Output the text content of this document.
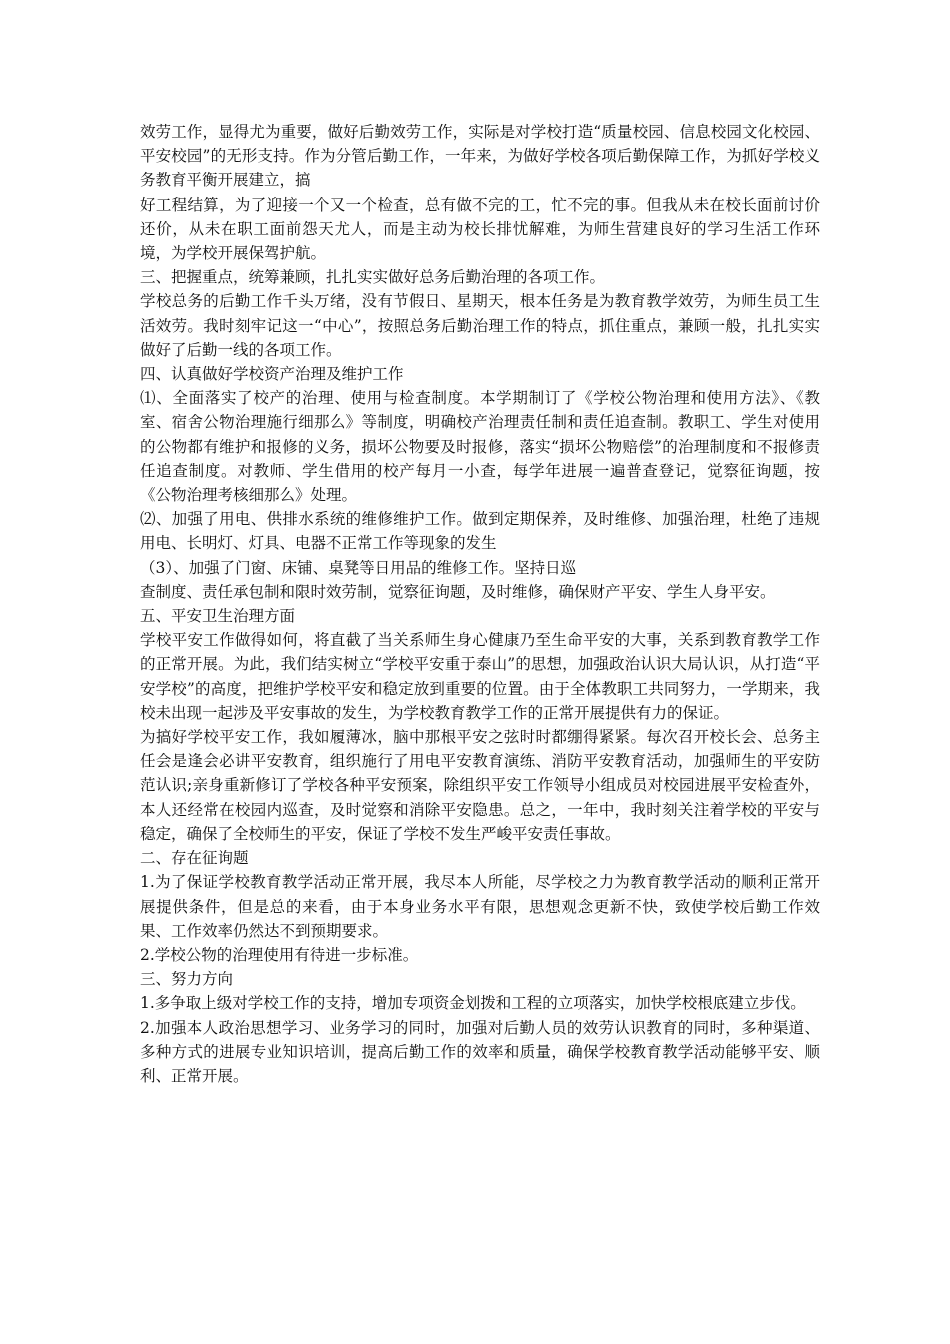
效劳工作，显得尤为重要，做好后勤效劳工作，实际是对学校打造“质量校园、信息校园文化校园、平安校园”的无形支持。作为分管后勤工作，一年来，为做好学校各项后勤保障工作，为抓好学校义务教育平衡开展建立，搞

好工程结算，为了迎接一个又一个检查，总有做不完的工，忙不完的事。但我从未在校长面前讨价还价，从未在职工面前怨天尤人，而是主动为校长排忧解难，为师生营建良好的学习生活工作环境，为学校开展保驾护航。

三、把握重点，统筹兼顾，扎扎实实做好总务后勤治理的各项工作。

学校总务的后勤工作千头万绪，没有节假日、星期天，根本任务是为教育教学效劳，为师生员工生活效劳。我时刻牢记这一“中心”，按照总务后勤治理工作的特点，抓住重点，兼顾一般，扎扎实实做好了后勤一线的各项工作。

四、认真做好学校资产治理及维护工作

⑴、全面落实了校产的治理、使用与检查制度。本学期制订了《学校公物治理和使用方法》、《教室、宿舍公物治理施行细那么》等制度，明确校产治理责任制和责任追查制。教职工、学生对使用的公物都有维护和报修的义务，损坏公物要及时报修，落实“损坏公物赔偿”的治理制度和不报修责任追查制度。对教师、学生借用的校产每月一小查，每学年进展一遍普查登记，觉察征询题，按《公物治理考核细那么》处理。

⑵、加强了用电、供排水系统的维修维护工作。做到定期保养，及时维修、加强治理，杜绝了违规用电、长明灯、灯具、电器不正常工作等现象的发生

（3）、加强了门窗、床铺、桌凳等日用品的维修工作。坚持日巡

查制度、责任承包制和限时效劳制，觉察征询题，及时维修，确保财产平安、学生人身平安。

五、平安卫生治理方面

学校平安工作做得如何，将直截了当关系师生身心健康乃至生命平安的大事，关系到教育教学工作的正常开展。为此，我们结实树立“学校平安重于泰山”的思想，加强政治认识大局认识，从打造“平安学校”的高度，把维护学校平安和稳定放到重要的位置。由于全体教职工共同努力，一学期来，我校未出现一起涉及平安事故的发生，为学校教育教学工作的正常开展提供有力的保证。

为搞好学校平安工作，我如履薄冰，脑中那根平安之弦时时都绷得紧紧。每次召开校长会、总务主任会是逢会必讲平安教育，组织施行了用电平安教育演练、消防平安教育活动，加强师生的平安防范认识;亲身重新修订了学校各种平安预案，除组织平安工作领导小组成员对校园进展平安检查外，本人还经常在校园内巡查，及时觉察和消除平安隐患。总之，一年中，我时刻关注着学校的平安与稳定，确保了全校师生的平安，保证了学校不发生严峻平安责任事故。

二、存在征询题

1.为了保证学校教育教学活动正常开展，我尽本人所能，尽学校之力为教育教学活动的顺利正常开展提供条件，但是总的来看，由于本身业务水平有限，思想观念更新不快，致使学校后勤工作效果、工作效率仍然达不到预期要求。

2.学校公物的治理使用有待进一步标准。

三、努力方向

1.多争取上级对学校工作的支持，增加专项资金划拨和工程的立项落实，加快学校根底建立步伐。

2.加强本人政治思想学习、业务学习的同时，加强对后勤人员的效劳认识教育的同时，多种渠道、多种方式的进展专业知识培训，提高后勤工作的效率和质量，确保学校教育教学活动能够平安、顺利、正常开展。
